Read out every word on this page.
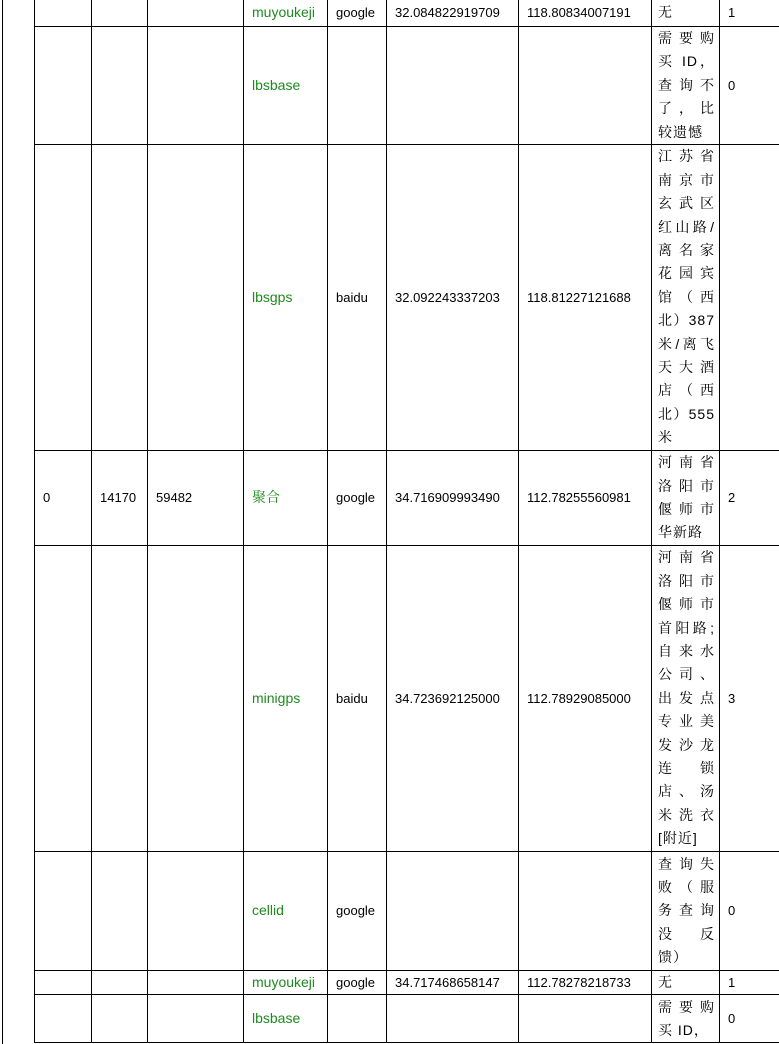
			muyoukeji	google	32.084822919709	118.80834007191	无	1
			lbsbase				需要购买 ID，查询不了，比较遗憾	0
			lbsgps	baidu	32.092243337203	118.81227121688	江苏省南京市玄武区红山路/离名家花园宾馆（西北）387米/离飞天大酒店（西北）555米	

0	14170	59482	聚合	google	34.716909993490	112.78255560981	河南省洛阳市偃师市华新路	2
			minigps	baidu	34.723692125000	112.78929085000	河南省洛阳市偃师市首阳路;自来水公司、出发点专业美发沙龙连 锁店、汤米洗衣[附近]	3
			cellid	google			查询失败（服务查询没 反馈）	0
			muyoukeji	google	34.717468658147	112.78278218733	无	1
			lbsbase				需要购买 ID，	0
